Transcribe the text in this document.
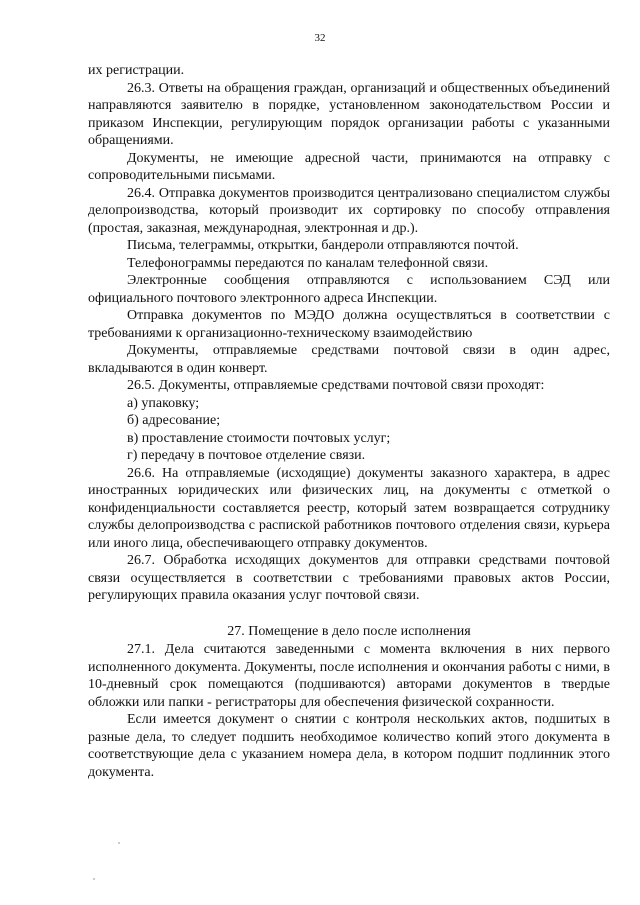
32

их регистрации.

26.3. Ответы на обращения граждан, организаций и общественных объединений направляются заявителю в порядке, установленном законодательством России и приказом Инспекции, регулирующим порядок организации работы с указанными обращениями.

Документы, не имеющие адресной части, принимаются на отправку с сопроводительными письмами.

26.4. Отправка документов производится централизовано специалистом службы делопроизводства, который производит их сортировку по способу отправления (простая, заказная, международная, электронная и др.).

Письма, телеграммы, открытки, бандероли отправляются почтой.

Телефонограммы передаются по каналам телефонной связи.

Электронные сообщения отправляются с использованием СЭД или официального почтового электронного адреса Инспекции.

Отправка документов по МЭДО должна осуществляться в соответствии с требованиями к организационно-техническому взаимодействию

Документы, отправляемые средствами почтовой связи в один адрес, вкладываются в один конверт.

26.5. Документы, отправляемые средствами почтовой связи проходят:

а) упаковку;

б) адресование;

в) проставление стоимости почтовых услуг;

г) передачу в почтовое отделение связи.

26.6. На отправляемые (исходящие) документы заказного характера, в адрес иностранных юридических или физических лиц, на документы с отметкой о конфиденциальности составляется реестр, который затем возвращается сотруднику службы делопроизводства с распиской работников почтового отделения связи, курьера или иного лица, обеспечивающего отправку документов.

26.7. Обработка исходящих документов для отправки средствами почтовой связи осуществляется в соответствии с требованиями правовых актов России, регулирующих правила оказания услуг почтовой связи.

27. Помещение в дело после исполнения

27.1. Дела считаются заведенными с момента включения в них первого исполненного документа. Документы, после исполнения и окончания работы с ними, в 10-дневный срок помещаются (подшиваются) авторами документов в твердые обложки или папки - регистраторы для обеспечения физической сохранности.

Если имеется документ о снятии с контроля нескольких актов, подшитых в разные дела, то следует подшить необходимое количество копий этого документа в соответствующие дела с указанием номера дела, в котором подшит подлинник этого документа.
